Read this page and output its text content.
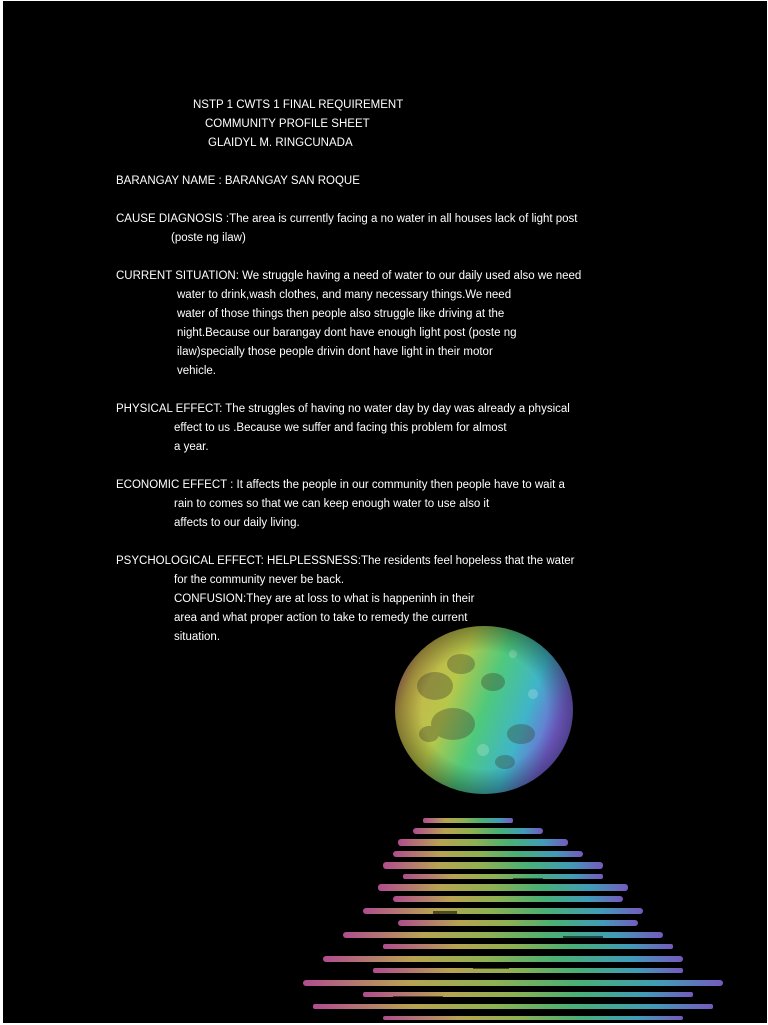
NSTP 1 CWTS 1 FINAL REQUIREMENT
COMMUNITY PROFILE SHEET
GLAIDYL M. RINGCUNADA
BARANGAY NAME : BARANGAY SAN ROQUE
CAUSE DIAGNOSIS :The area is currently facing a no water in all houses lack of light post
(poste ng ilaw)
CURRENT SITUATION: We struggle having a need of water to our daily used also we need
water to drink,wash clothes, and many necessary things.We need
water of those things then people also struggle like driving at the
night.Because our barangay dont have enough light post (poste ng
ilaw)specially those people drivin dont have light in their motor
vehicle.
PHYSICAL EFFECT: The struggles of having no water day by day was already a physical
effect to us .Because we suffer and facing this problem for almost
a year.
ECONOMIC EFFECT : It affects the people in our community then people have to wait a
rain to comes so that we can keep enough water to use also it
affects to our daily living.
PSYCHOLOGICAL EFFECT: HELPLESSNESS:The residents feel hopeless that the water
for the community never be back.
CONFUSION:They are at loss to what is happeninh in their
area and what proper action to take to remedy the current
situation.
